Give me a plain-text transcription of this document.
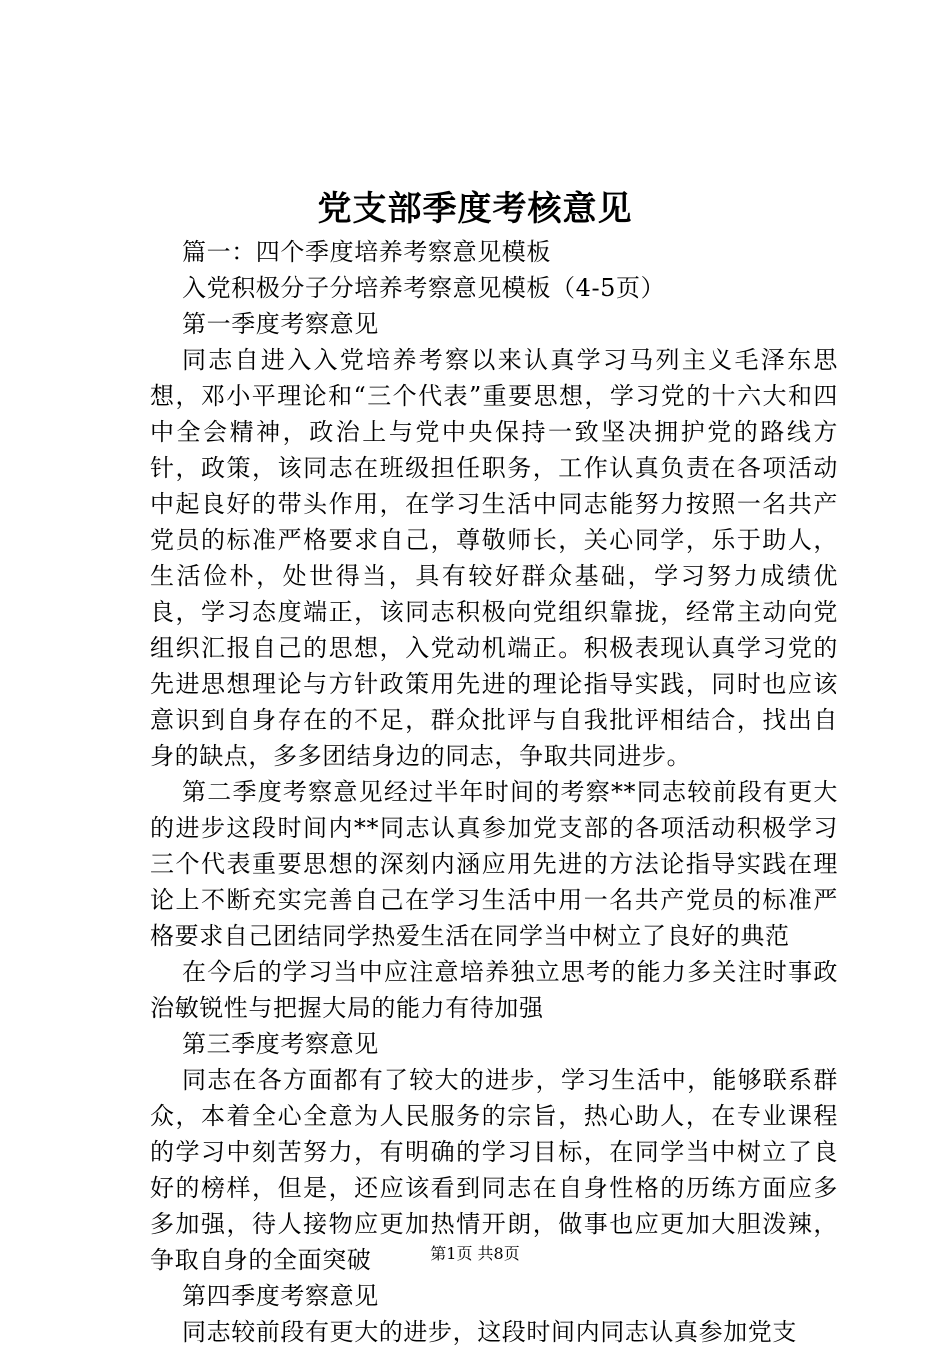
党支部季度考核意见

篇一：四个季度培养考察意见模板

入党积极分子分培养考察意见模板（4-5页）

第一季度考察意见

同志自进入入党培养考察以来认真学习马列主义毛泽东思想，邓小平理论和“三个代表”重要思想，学习党的十六大和四中全会精神，政治上与党中央保持一致坚决拥护党的路线方针，政策，该同志在班级担任职务，工作认真负责在各项活动中起良好的带头作用，在学习生活中同志能努力按照一名共产党员的标准严格要求自己，尊敬师长，关心同学，乐于助人，生活俭朴，处世得当，具有较好群众基础，学习努力成绩优良，学习态度端正，该同志积极向党组织靠拢，经常主动向党组织汇报自己的思想，入党动机端正。积极表现认真学习党的先进思想理论与方针政策用先进的理论指导实践，同时也应该意识到自身存在的不足，群众批评与自我批评相结合，找出自身的缺点，多多团结身边的同志，争取共同进步。

第二季度考察意见经过半年时间的考察**同志较前段有更大的进步这段时间内**同志认真参加党支部的各项活动积极学习三个代表重要思想的深刻内涵应用先进的方法论指导实践在理论上不断充实完善自己在学习生活中用一名共产党员的标准严格要求自己团结同学热爱生活在同学当中树立了良好的典范

在今后的学习当中应注意培养独立思考的能力多关注时事政治敏锐性与把握大局的能力有待加强

第三季度考察意见

同志在各方面都有了较大的进步，学习生活中，能够联系群众，本着全心全意为人民服务的宗旨，热心助人，在专业课程的学习中刻苦努力，有明确的学习目标，在同学当中树立了良好的榜样，但是，还应该看到同志在自身性格的历练方面应多多加强，待人接物应更加热情开朗，做事也应更加大胆泼辣，争取自身的全面突破

第四季度考察意见

同志较前段有更大的进步，这段时间内同志认真参加党支

第1页 共8页
